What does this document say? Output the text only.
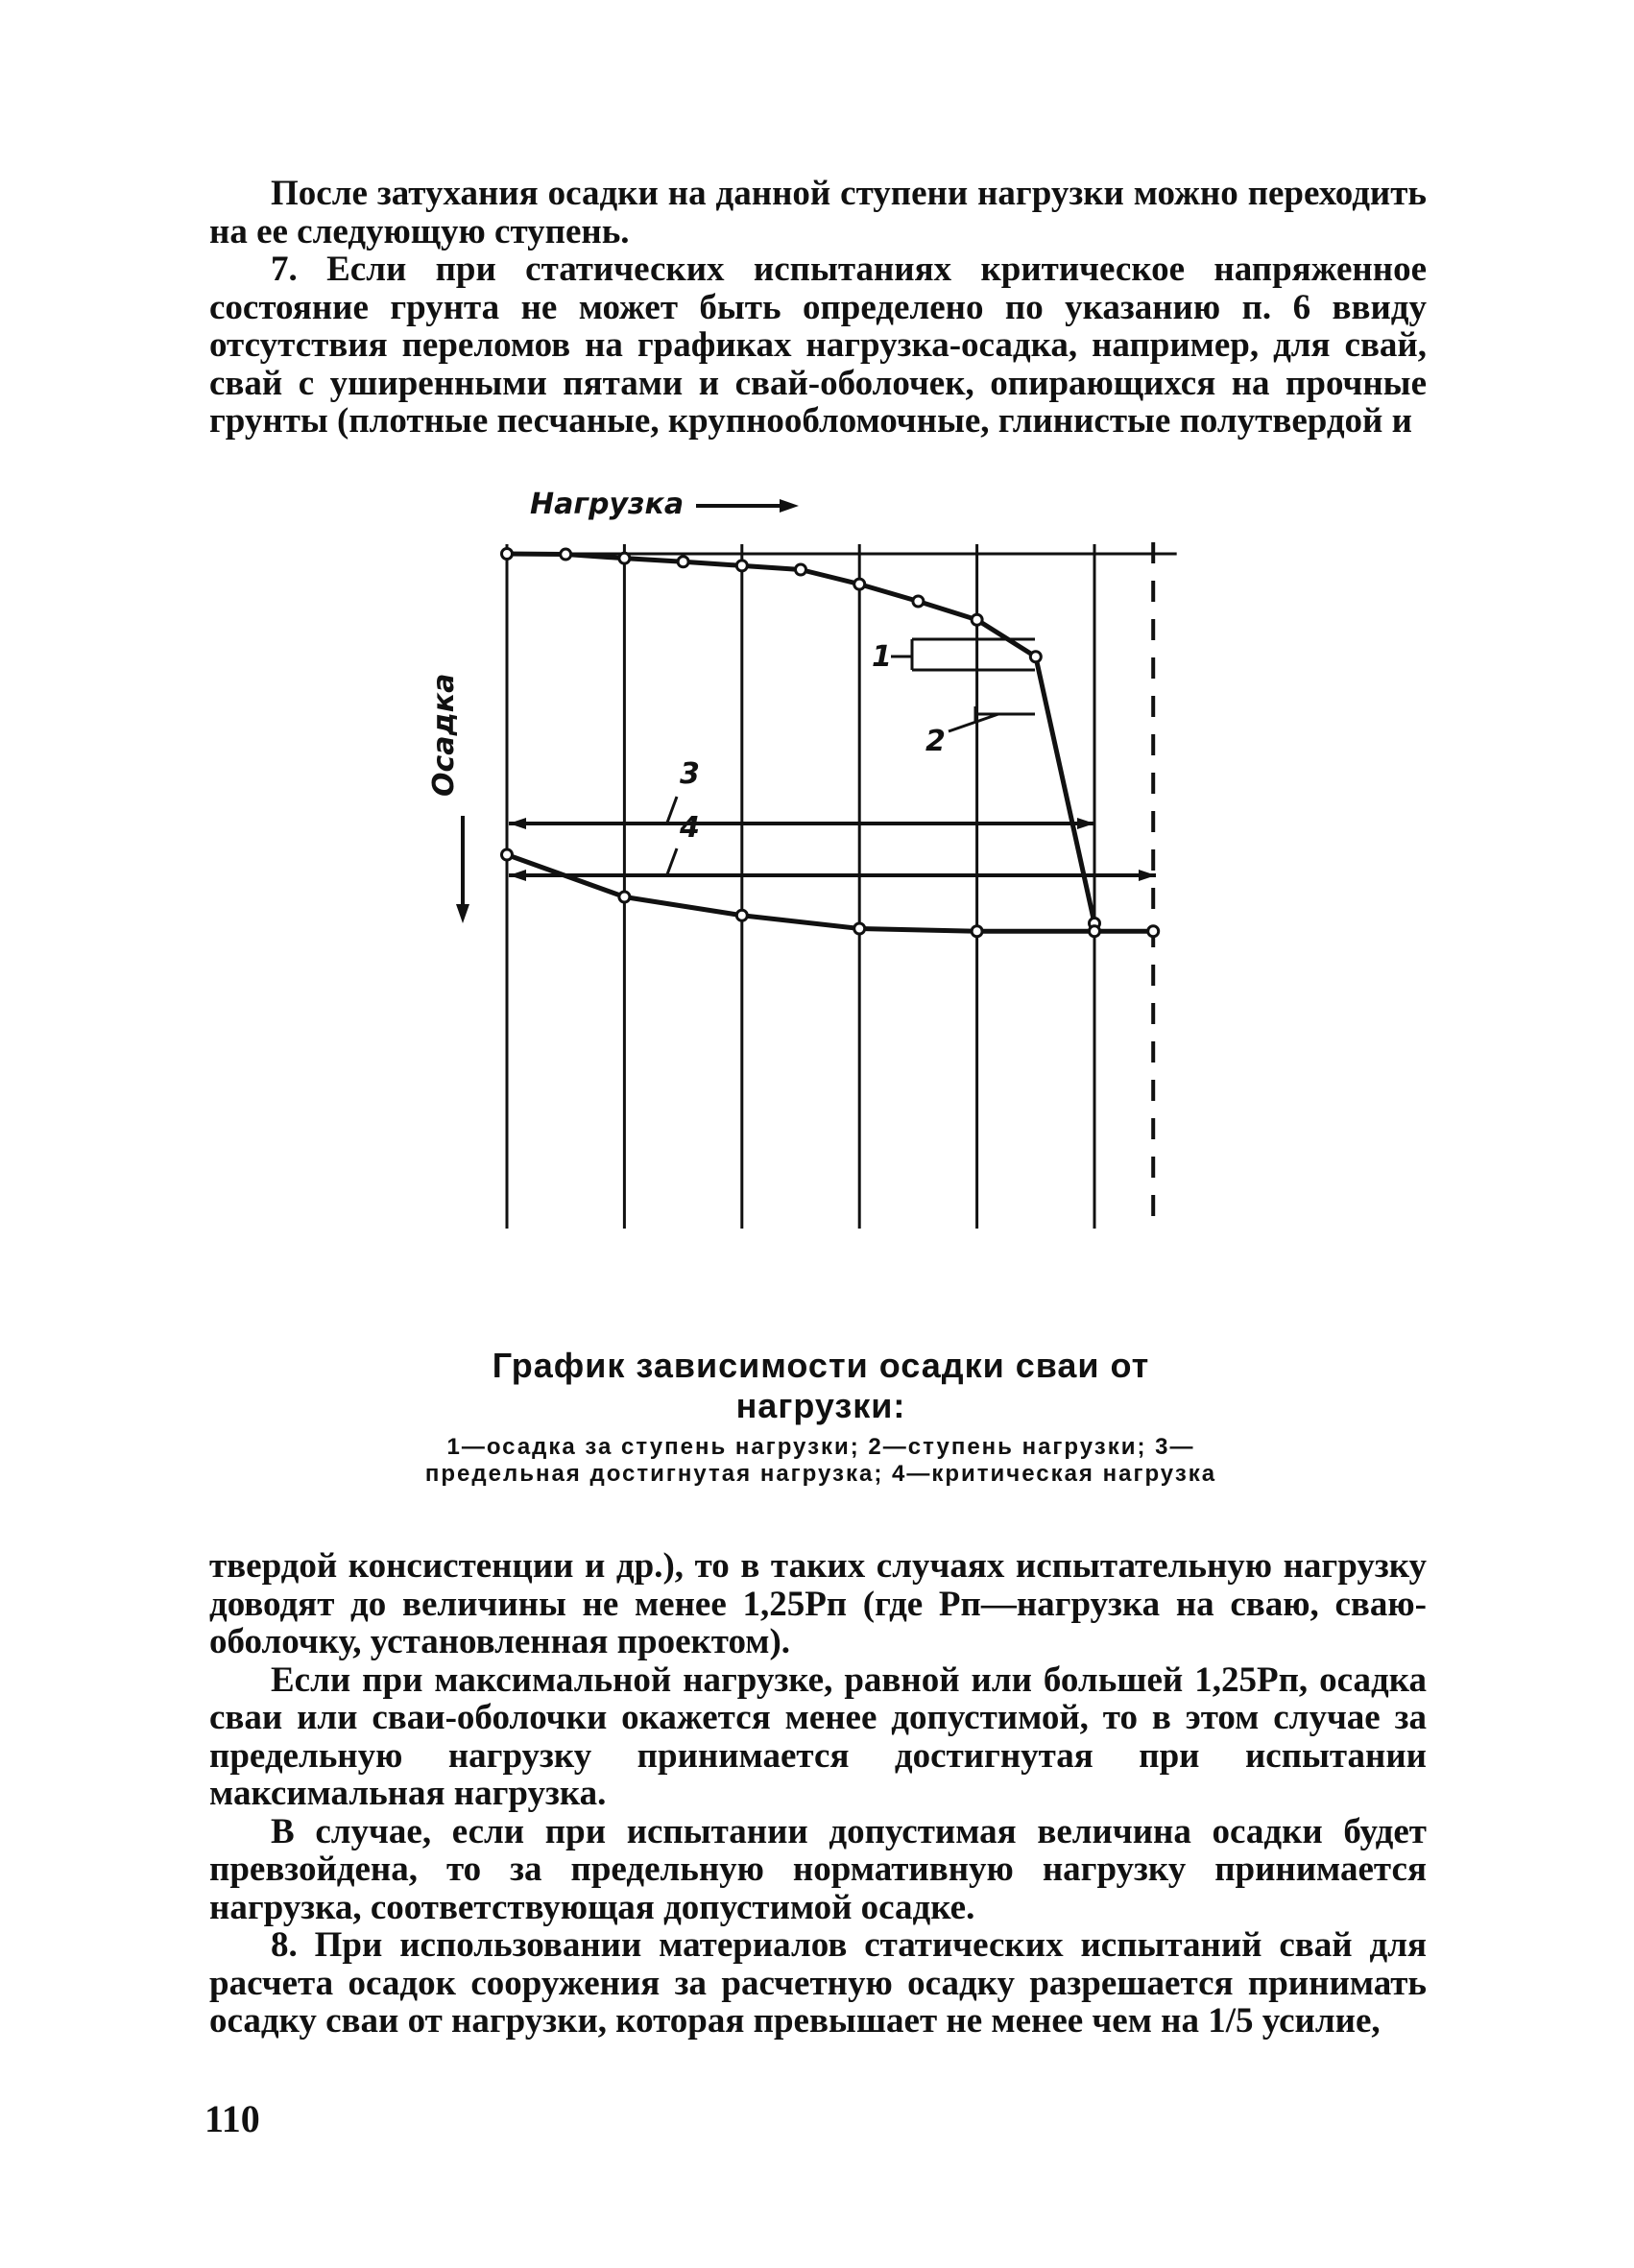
После затухания осадки на данной ступени нагрузки можно переходить на ее следующую ступень.

7. Если при статических испытаниях критическое напряженное состояние грунта не может быть определено по указанию п. 6 ввиду отсутствия переломов на графиках нагрузка-осадка, например, для свай, свай с уширенными пятами и свай-оболочек, опирающихся на прочные грунты (плотные песчаные, крупнообломочные, глинистые полутвердой и

Нагрузка
Осадка
1
2
3
4
График зависимости осадки сваи от нагрузки:
1—осадка за ступень нагрузки; 2—ступень нагрузки; 3—предельная достигнутая нагрузка; 4—критическая нагрузка

твердой консистенции и др.), то в таких случаях испытательную нагрузку доводят до величины не менее 1,25Pп (где Pп—нагрузка на сваю, сваю-оболочку, установленная проектом).

Если при максимальной нагрузке, равной или большей 1,25Pп, осадка сваи или сваи-оболочки окажется менее допустимой, то в этом случае за предельную нагрузку принимается достигнутая при испытании максимальная нагрузка.

В случае, если при испытании допустимая величина осадки будет превзойдена, то за предельную нормативную нагрузку принимается нагрузка, соответствующая допустимой осадке.

8. При использовании материалов статических испытаний свай для расчета осадок сооружения за расчетную осадку разрешается принимать осадку сваи от нагрузки, которая превышает не менее чем на 1/5 усилие,

110
